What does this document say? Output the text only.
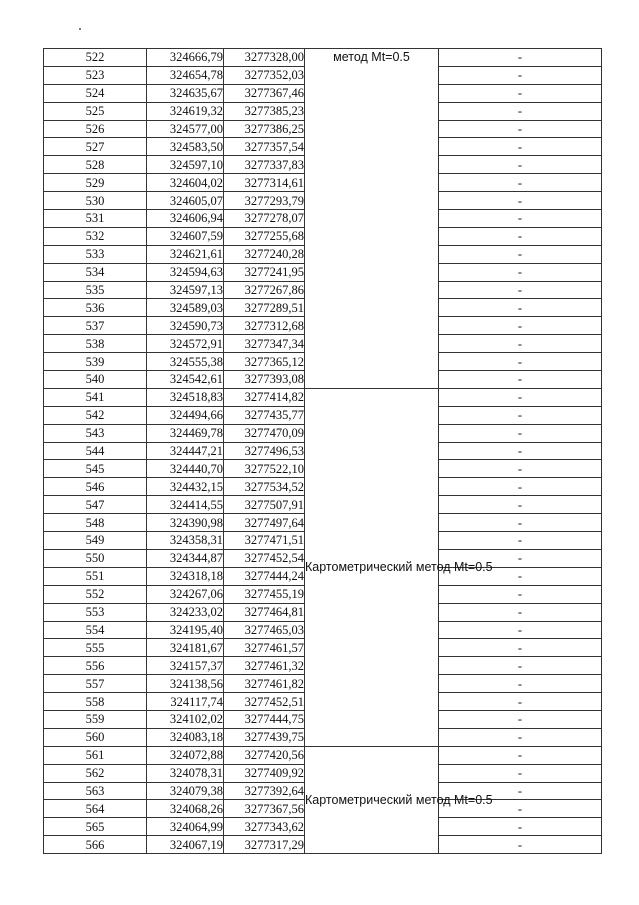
522	324666,79	3277328,00	метод Mt=0.5	-
523	324654,78	3277352,03		-
524	324635,67	3277367,46		-
525	324619,32	3277385,23		-
526	324577,00	3277386,25		-
527	324583,50	3277357,54		-
528	324597,10	3277337,83		-
529	324604,02	3277314,61		-
530	324605,07	3277293,79		-
531	324606,94	3277278,07		-
532	324607,59	3277255,68		-
533	324621,61	3277240,28		-
534	324594,63	3277241,95		-
535	324597,13	3277267,86		-
536	324589,03	3277289,51		-
537	324590,73	3277312,68		-
538	324572,91	3277347,34		-
539	324555,38	3277365,12		-
540	324542,61	3277393,08		-
541	324518,83	3277414,82	Картометрический метод Mt=0.5	-
542	324494,66	3277435,77		-
543	324469,78	3277470,09		-
544	324447,21	3277496,53		-
545	324440,70	3277522,10		-
546	324432,15	3277534,52		-
547	324414,55	3277507,91		-
548	324390,98	3277497,64		-
549	324358,31	3277471,51		-
550	324344,87	3277452,54		-
551	324318,18	3277444,24		-
552	324267,06	3277455,19		-
553	324233,02	3277464,81		-
554	324195,40	3277465,03		-
555	324181,67	3277461,57		-
556	324157,37	3277461,32		-
557	324138,56	3277461,82		-
558	324117,74	3277452,51		-
559	324102,02	3277444,75		-
560	324083,18	3277439,75		-
561	324072,88	3277420,56	Картометрический метод Mt=0.5	-
562	324078,31	3277409,92		-
563	324079,38	3277392,64		-
564	324068,26	3277367,56		-
565	324064,99	3277343,62		-
566	324067,19	3277317,29		-
